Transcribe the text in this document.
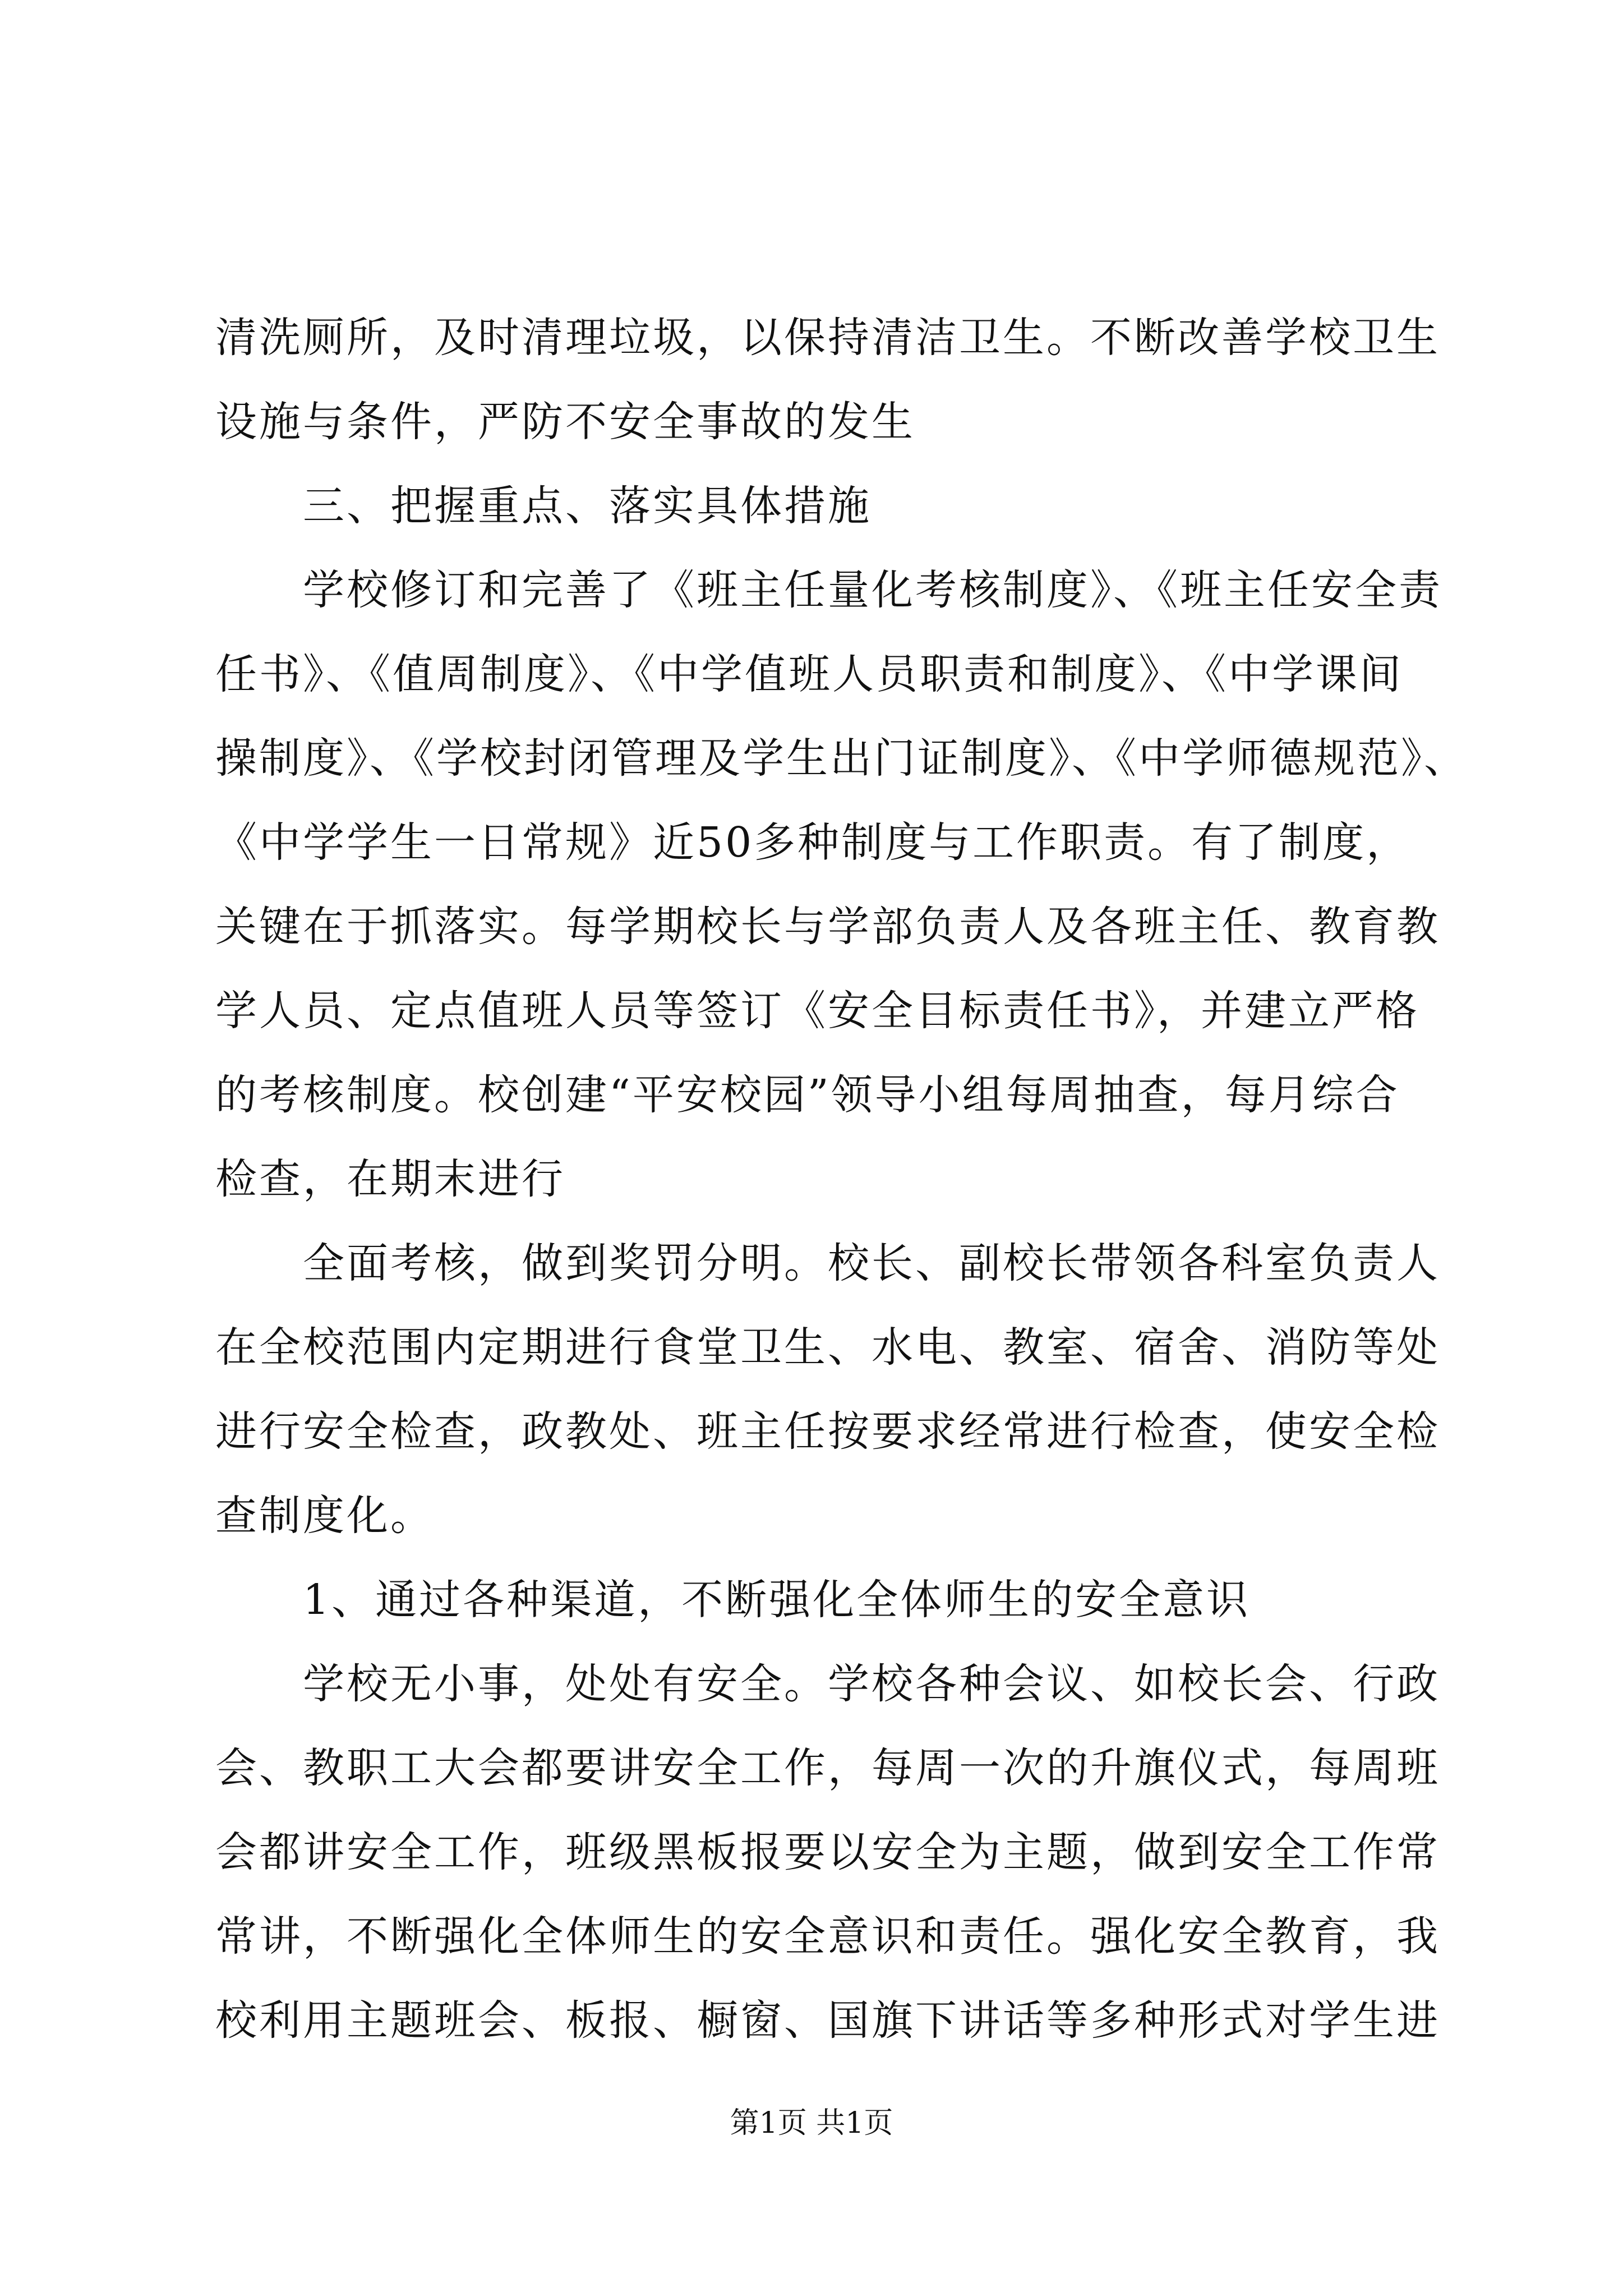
清洗厕所，及时清理垃圾，以保持清洁卫生。不断改善学校卫生
设施与条件，严防不安全事故的发生
三、把握重点、落实具体措施
学校修订和完善了《班主任量化考核制度》、《班主任安全责
任书》、《值周制度》、《中学值班人员职责和制度》、《中学课间
操制度》、《学校封闭管理及学生出门证制度》、《中学师德规范》、
《中学学生一日常规》近50多种制度与工作职责。有了制度，
关键在于抓落实。每学期校长与学部负责人及各班主任、教育教
学人员、定点值班人员等签订《安全目标责任书》，并建立严格
的考核制度。校创建“平安校园”领导小组每周抽查，每月综合
检查，在期末进行
全面考核，做到奖罚分明。校长、副校长带领各科室负责人
在全校范围内定期进行食堂卫生、水电、教室、宿舍、消防等处
进行安全检查，政教处、班主任按要求经常进行检查，使安全检
查制度化。
1、通过各种渠道，不断强化全体师生的安全意识
学校无小事，处处有安全。学校各种会议、如校长会、行政
会、教职工大会都要讲安全工作，每周一次的升旗仪式，每周班
会都讲安全工作，班级黑板报要以安全为主题，做到安全工作常
常讲，不断强化全体师生的安全意识和责任。强化安全教育，我
校利用主题班会、板报、橱窗、国旗下讲话等多种形式对学生进
第1页 共1页
